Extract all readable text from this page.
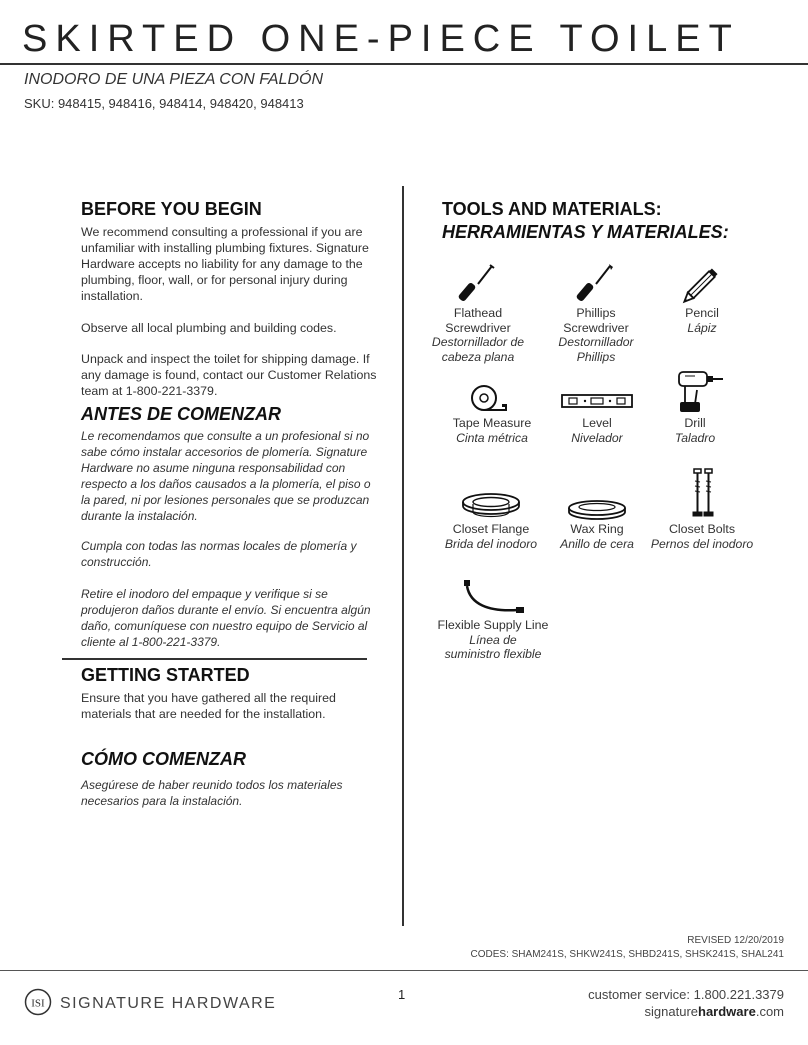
SKIRTED ONE-PIECE TOILET
INODORO DE UNA PIEZA CON FALDÓN
SKU: 948415, 948416, 948414, 948420, 948413
BEFORE YOU BEGIN
We recommend consulting a professional if you are unfamiliar with installing plumbing fixtures. Signature Hardware accepts no liability for any damage to the plumbing, floor, wall, or for personal injury during installation.
Observe all local plumbing and building codes.
Unpack and inspect the toilet for shipping damage. If any damage is found, contact our Customer Relations team at 1-800-221-3379.
ANTES DE COMENZAR
Le recomendamos que consulte a un profesional si no sabe cómo instalar accesorios de plomería. Signature Hardware no asume ninguna responsabilidad con respecto a los daños causados a la plomería, el piso o la pared, ni por lesiones personales que se produzcan durante la instalación.
Cumpla con todas las normas locales de plomería y construcción.
Retire el inodoro del empaque y verifique si se produjeron daños durante el envío. Si encuentra algún daño, comuníquese con nuestro equipo de Servicio al cliente al 1-800-221-3379.
GETTING STARTED
Ensure that you have gathered all the required materials that are needed for the installation.
CÓMO COMENZAR
Asegúrese de haber reunido todos los materiales necesarios para la instalación.
TOOLS AND MATERIALS:
HERRAMIENTAS Y MATERIALES:
Flathead
Screwdriver
Destornillador de
cabeza plana
Phillips
Screwdriver
Destornillador
Phillips
Pencil
Lápiz
Tape Measure
Cinta métrica
Level
Nivelador
Drill
Taladro
Closet Flange
Brida del inodoro
Wax Ring
Anillo de cera
Closet Bolts
Pernos del inodoro
Flexible Supply Line
Línea de
suministro flexible
REVISED 12/20/2019
CODES: SHAM241S, SHKW241S, SHBD241S, SHSK241S, SHAL241
ISI SIGNATURE HARDWARE
1	customer service: 1.800.221.3379
signaturehardware.com
